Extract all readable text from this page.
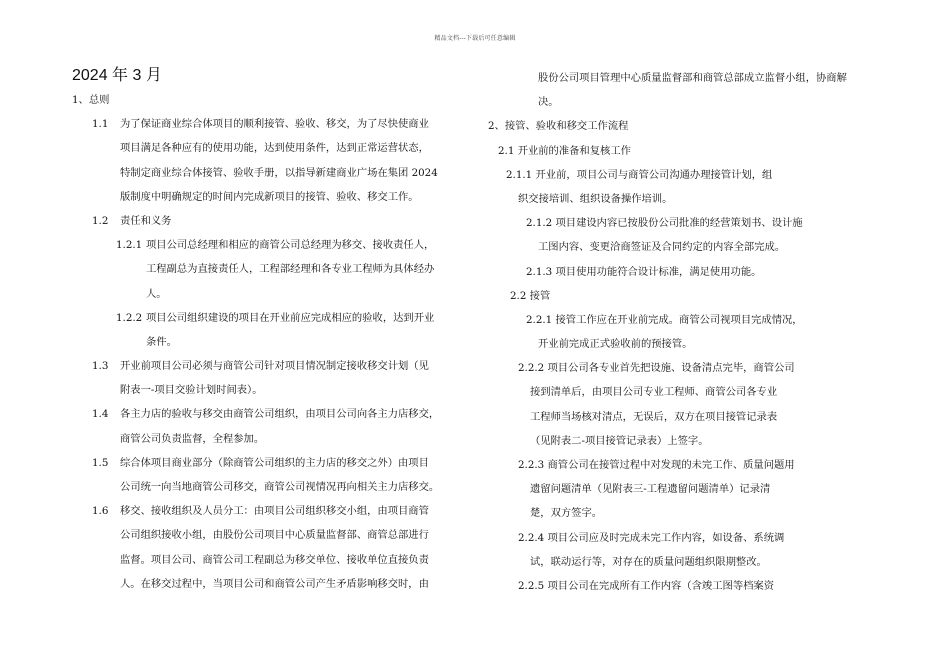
精品文档---下载后可任意编辑
2024 年 3 月
1、总则
1.1 为了保证商业综合体项目的顺利接管、验收、移交，为了尽快使商业
项目满足各种应有的使用功能，达到使用条件，达到正常运营状态，
特制定商业综合体接管、验收手册，以指导新建商业广场在集团 2024
版制度中明确规定的时间内完成新项目的接管、验收、移交工作。
1.2 责任和义务
1.2.1 项目公司总经理和相应的商管公司总经理为移交、接收责任人，
工程副总为直接责任人，工程部经理和各专业工程师为具体经办
人。
1.2.2 项目公司组织建设的项目在开业前应完成相应的验收，达到开业
条件。
1.3 开业前项目公司必须与商管公司针对项目情况制定接收移交计划（见
附表一-项目交验计划时间表）。
1.4 各主力店的验收与移交由商管公司组织，由项目公司向各主力店移交，
商管公司负责监督，全程参加。
1.5 综合体项目商业部分（除商管公司组织的主力店的移交之外）由项目
公司统一向当地商管公司移交，商管公司视情况再向相关主力店移交。
1.6 移交、接收组织及人员分工：由项目公司组织移交小组，由项目商管
公司组织接收小组，由股份公司项目中心质量监督部、商管总部进行
监督。项目公司、商管公司工程副总为移交单位、接收单位直接负责
人。在移交过程中，当项目公司和商管公司产生矛盾影响移交时，由
股份公司项目管理中心质量监督部和商管总部成立监督小组，协商解
决。
2、接管、验收和移交工作流程
2.1 开业前的准备和复核工作
2.1.1 开业前，项目公司与商管公司沟通办理接管计划，组
织交接培训、组织设备操作培训。
2.1.2 项目建设内容已按股份公司批准的经营策划书、设计施
工图内容、变更洽商签证及合同约定的内容全部完成。
2.1.3 项目使用功能符合设计标准，满足使用功能。
2.2 接管
2.2.1 接管工作应在开业前完成。商管公司视项目完成情况，
开业前完成正式验收前的预接管。
2.2.2 项目公司各专业首先把设施、设备清点完毕，商管公司
接到清单后，由项目公司专业工程师、商管公司各专业
工程师当场核对清点，无误后，双方在项目接管记录表
（见附表二-项目接管记录表）上签字。
2.2.3 商管公司在接管过程中对发现的未完工作、质量问题用
遗留问题清单（见附表三-工程遗留问题清单）记录清
楚，双方签字。
2.2.4 项目公司应及时完成未完工作内容，如设备、系统调
试，联动运行等，对存在的质量问题组织限期整改。
2.2.5 项目公司在完成所有工作内容（含竣工图等档案资
